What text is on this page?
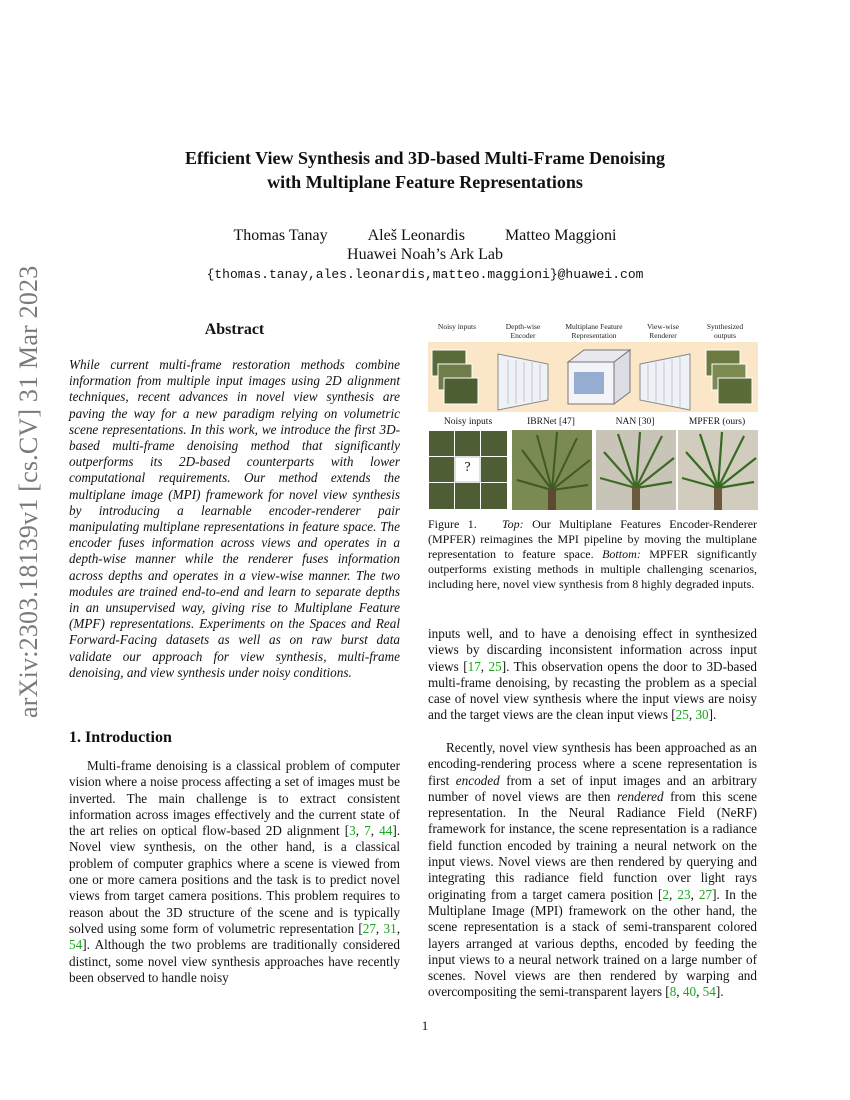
arXiv:2303.18139v1 [cs.CV] 31 Mar 2023
Efficient View Synthesis and 3D-based Multi-Frame Denoising
with Multiplane Feature Representations
Thomas Tanay	Aleš Leonardis	Matteo Maggioni
Huawei Noah’s Ark Lab
{thomas.tanay,ales.leonardis,matteo.maggioni}@huawei.com
Abstract
While current multi-frame restoration methods combine information from multiple input images using 2D alignment techniques, recent advances in novel view synthesis are paving the way for a new paradigm relying on volumetric scene representations. In this work, we introduce the first 3D-based multi-frame denoising method that significantly outperforms its 2D-based counterparts with lower computational requirements. Our method extends the multiplane image (MPI) framework for novel view synthesis by introducing a learnable encoder-renderer pair manipulating multiplane representations in feature space. The encoder fuses information across views and operates in a depth-wise manner while the renderer fuses information across depths and operates in a view-wise manner. The two modules are trained end-to-end and learn to separate depths in an unsupervised way, giving rise to Multiplane Feature (MPF) representations. Experiments on the Spaces and Real Forward-Facing datasets as well as on raw burst data validate our approach for view synthesis, multi-frame denoising, and view synthesis under noisy conditions.
1. Introduction
Multi-frame denoising is a classical problem of computer vision where a noise process affecting a set of images must be inverted. The main challenge is to extract consistent information across images effectively and the current state of the art relies on optical flow-based 2D alignment [3, 7, 44]. Novel view synthesis, on the other hand, is a classical problem of computer graphics where a scene is viewed from one or more camera positions and the task is to predict novel views from target camera positions. This problem requires to reason about the 3D structure of the scene and is typically solved using some form of volumetric representation [27, 31, 54]. Although the two problems are traditionally considered distinct, some novel view synthesis approaches have recently been observed to handle noisy
Noisy inputs	Depth-wise Encoder
Multiplane Feature Representation
View-wise Renderer
Synthesized outputs
Noisy inputs	IBRNet [47]	NAN [30]	MPFER (ours)
?
Figure 1. Top: Our Multiplane Features Encoder-Renderer (MPFER) reimagines the MPI pipeline by moving the multiplane representation to feature space. Bottom: MPFER significantly outperforms existing methods in multiple challenging scenarios, including here, novel view synthesis from 8 highly degraded inputs.
inputs well, and to have a denoising effect in synthesized views by discarding inconsistent information across input views [17, 25]. This observation opens the door to 3D-based multi-frame denoising, by recasting the problem as a special case of novel view synthesis where the input views are noisy and the target views are the clean input views [25, 30].
Recently, novel view synthesis has been approached as an encoding-rendering process where a scene representation is first encoded from a set of input images and an arbitrary number of novel views are then rendered from this scene representation. In the Neural Radiance Field (NeRF) framework for instance, the scene representation is a radiance field function encoded by training a neural network on the input views. Novel views are then rendered by querying and integrating this radiance field function over light rays originating from a target camera position [2, 23, 27]. In the Multiplane Image (MPI) framework on the other hand, the scene representation is a stack of semi-transparent colored layers arranged at various depths, encoded by feeding the input views to a neural network trained on a large number of scenes. Novel views are then rendered by warping and overcompositing the semi-transparent layers [8, 40, 54].
1
